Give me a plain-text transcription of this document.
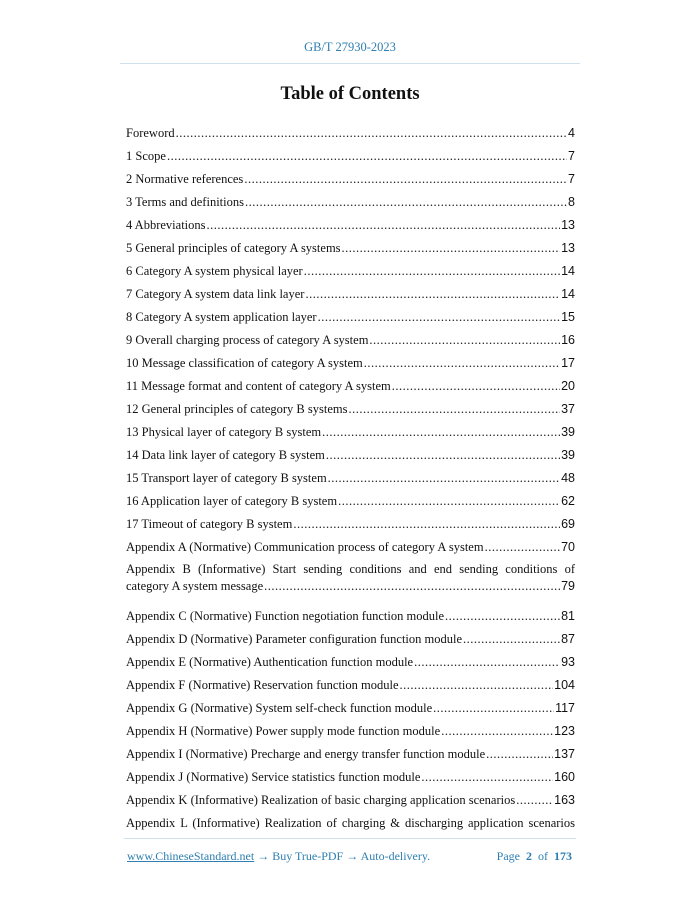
GB/T 27930-2023
Table of Contents
Foreword .....	4
1 Scope .....	7
2 Normative references .....	7
3 Terms and definitions .....	8
4 Abbreviations .....	13
5 General principles of category A systems .....	13
6 Category A system physical layer .....	14
7 Category A system data link layer .....	14
8 Category A system application layer .....	15
9 Overall charging process of category A system .....	16
10 Message classification of category A system .....	17
11 Message format and content of category A system .....	20
12 General principles of category B systems .....	37
13 Physical layer of category B system .....	39
14 Data link layer of category B system .....	39
15 Transport layer of category B system .....	48
16 Application layer of category B system .....	62
17 Timeout of category B system .....	69
Appendix A (Normative) Communication process of category A system .....	70
Appendix B (Informative) Start sending conditions and end sending conditions of
category A system message .....	79
Appendix C (Normative) Function negotiation function module .....	81
Appendix D (Normative) Parameter configuration function module .....	87
Appendix E (Normative) Authentication function module .....	93
Appendix F (Normative) Reservation function module .....	104
Appendix G (Normative) System self-check function module .....	117
Appendix H (Normative) Power supply mode function module .....	123
Appendix I (Normative) Precharge and energy transfer function module .....	137
Appendix J (Normative) Service statistics function module .....	160
Appendix K (Informative) Realization of basic charging application scenarios .....	163
Appendix L (Informative) Realization of charging & discharging application scenarios
www.ChineseStandard.net → Buy True-PDF → Auto-delivery.	Page 2 of 173
